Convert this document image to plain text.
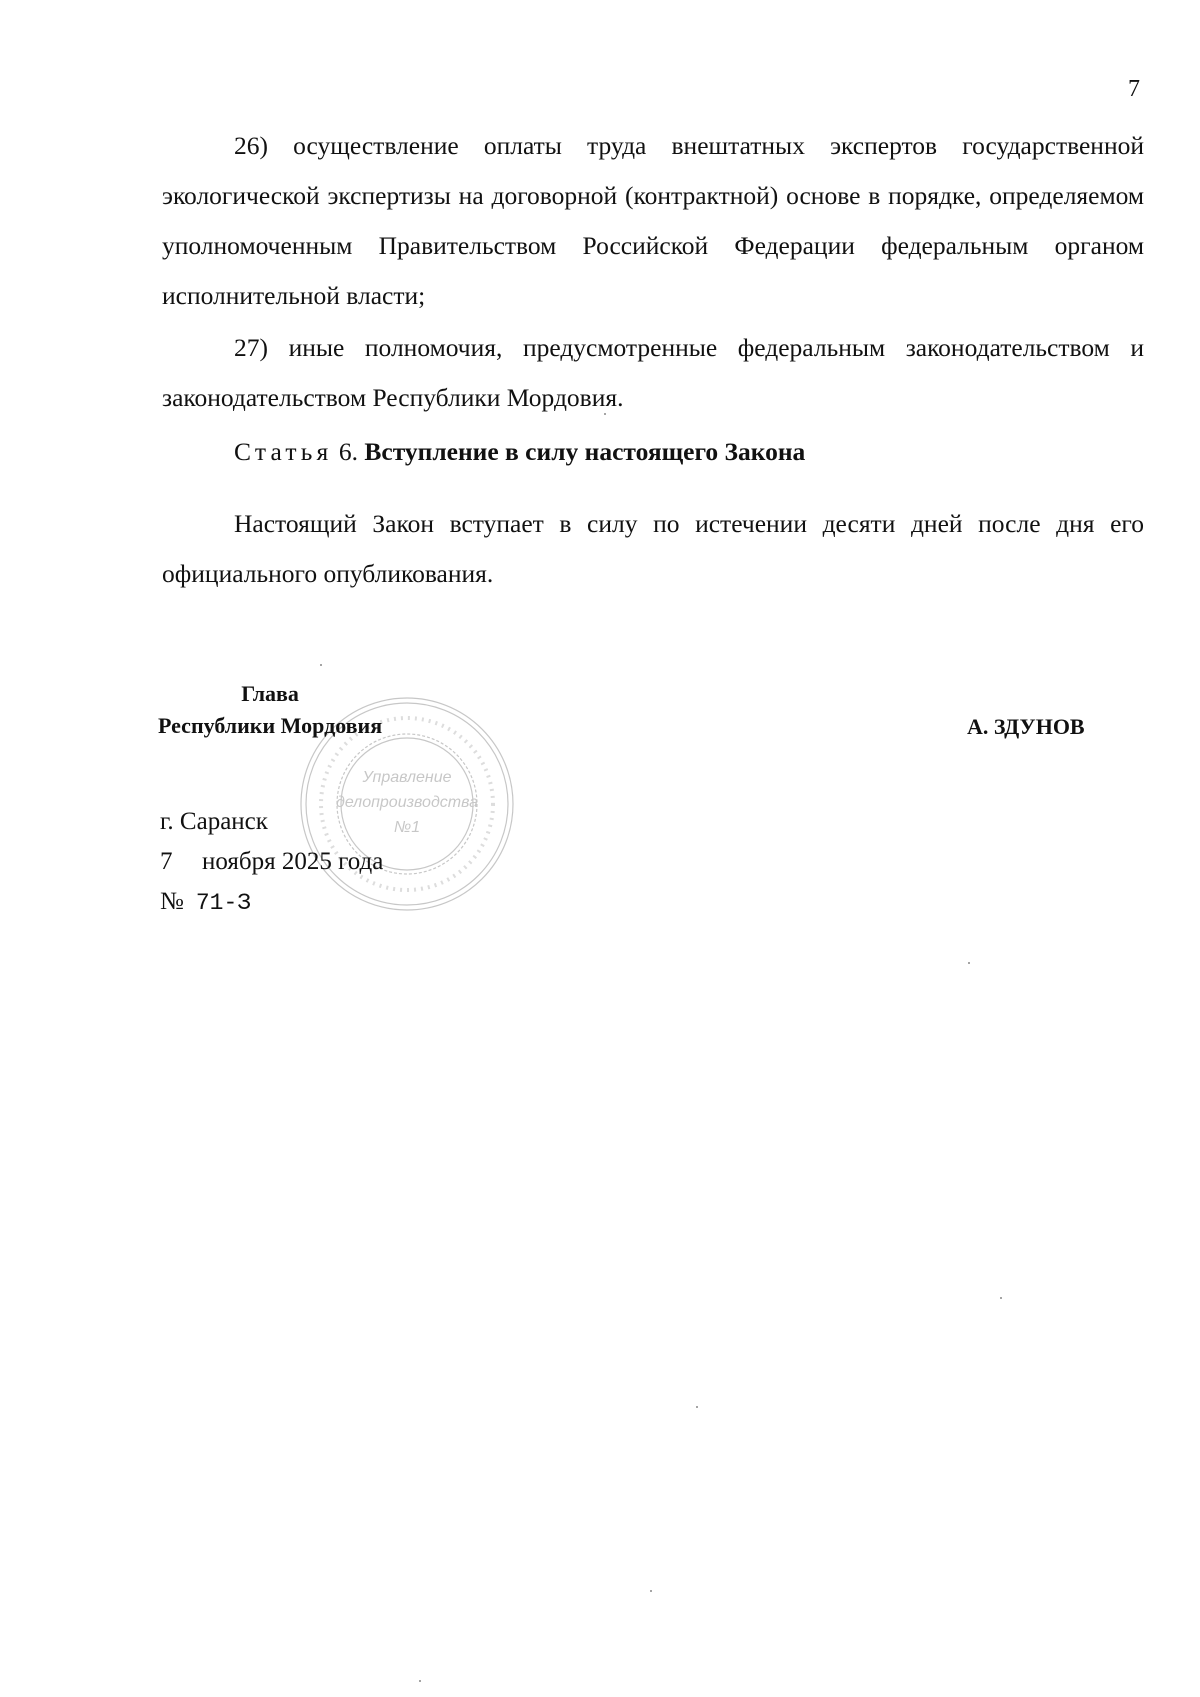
7

26) осуществление оплаты труда внештатных экспертов государственной экологической экспертизы на договорной (контрактной) основе в порядке, определяемом уполномоченным Правительством Российской Федерации федеральным органом исполнительной власти;

27) иные полномочия, предусмотренные федеральным законодательством и законодательством Республики Мордовия.

Статья 6. Вступление в силу настоящего Закона

Настоящий Закон вступает в силу по истечении десяти дней после дня его официального опубликования.

Управление
делопроизводства
№1
Глава
Республики Мордовия	А. ЗДУНОВ
г. Саранск
7 ноября 2025 года
№ 71-З
